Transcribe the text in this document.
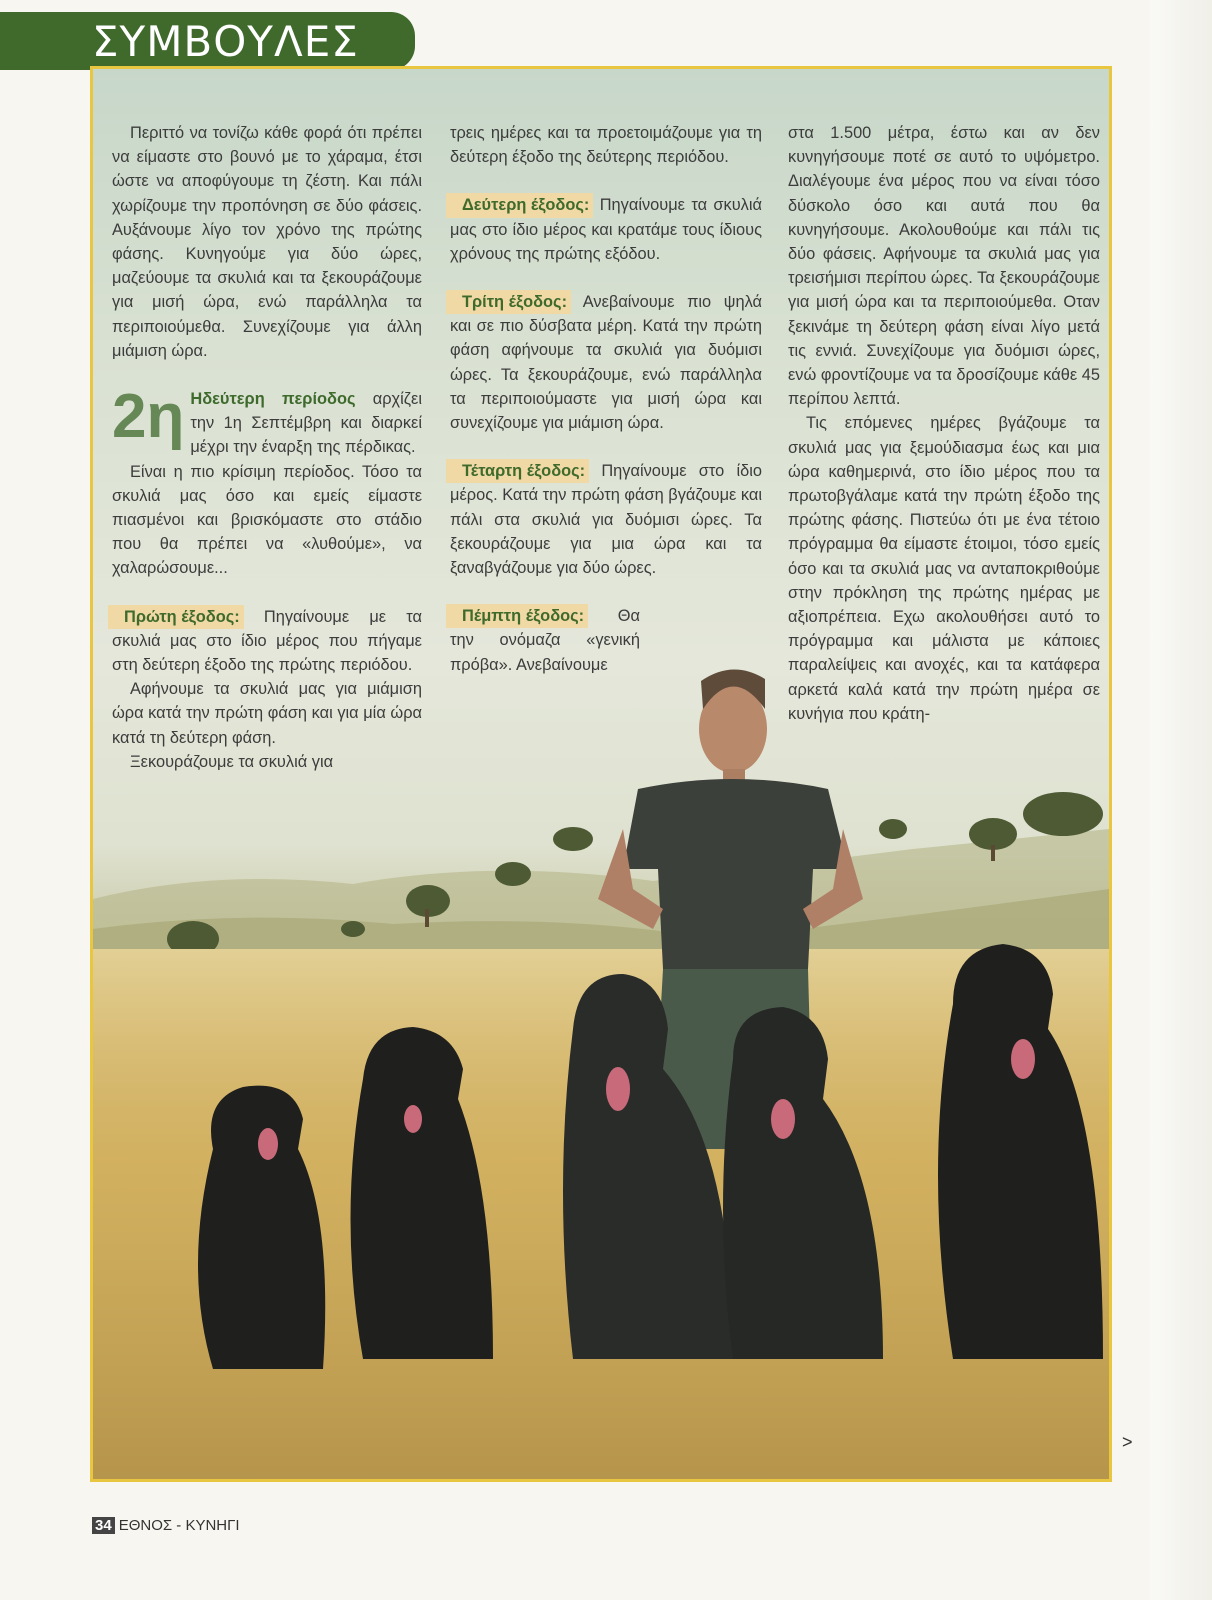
ΣΥΜΒΟΥΛΕΣ

Περιττό να τονίζω κάθε φορά ότι πρέπει να είμαστε στο βουνό με το χάραμα, έτσι ώστε να αποφύγουμε τη ζέστη. Και πάλι χωρίζουμε την προπόνηση σε δύο φάσεις. Αυξάνουμε λίγο τον χρόνο της πρώτης φάσης. Κυνηγούμε για δύο ώρες, μαζεύουμε τα σκυλιά και τα ξεκουράζουμε για μισή ώρα, ενώ παράλληλα τα περιποιούμεθα. Συνεχίζουμε για άλλη μιάμιση ώρα.

2η Ηδεύτερη περίοδος αρχίζει την 1η Σεπτέμβρη και διαρκεί μέχρι την έναρξη της πέρδικας.

Είναι η πιο κρίσιμη περίοδος. Τόσο τα σκυλιά μας όσο και εμείς είμαστε πιασμένοι και βρισκόμαστε στο στάδιο που θα πρέπει να «λυθούμε», να χαλαρώσουμε...

Πρώτη έξοδος: Πηγαίνουμε με τα σκυλιά μας στο ίδιο μέρος που πήγαμε στη δεύτερη έξοδο της πρώτης περιόδου.

Αφήνουμε τα σκυλιά μας για μιάμιση ώρα κατά την πρώτη φάση και για μία ώρα κατά τη δεύτερη φάση.

Ξεκουράζουμε τα σκυλιά για

τρεις ημέρες και τα προετοιμάζουμε για τη δεύτερη έξοδο της δεύτερης περιόδου.

Δεύτερη έξοδος: Πηγαίνουμε τα σκυλιά μας στο ίδιο μέρος και κρατάμε τους ίδιους χρόνους της πρώτης εξόδου.

Τρίτη έξοδος: Ανεβαίνουμε πιο ψηλά και σε πιο δύσβατα μέρη. Κατά την πρώτη φάση αφήνουμε τα σκυλιά για δυόμισι ώρες. Τα ξεκουράζουμε, ενώ παράλληλα τα περιποιούμαστε για μισή ώρα και συνεχίζουμε για μιάμιση ώρα.

Τέταρτη έξοδος: Πηγαίνουμε στο ίδιο μέρος. Κατά την πρώτη φάση βγάζουμε και πάλι στα σκυλιά για δυόμισι ώρες. Τα ξεκουράζουμε για μια ώρα και τα ξαναβγάζουμε για δύο ώρες.

Πέμπτη έξοδος: Θα την ονόμαζα «γενική πρόβα». Ανεβαίνουμε

στα 1.500 μέτρα, έστω και αν δεν κυνηγήσουμε ποτέ σε αυτό το υψόμετρο. Διαλέγουμε ένα μέρος που να είναι τόσο δύσκολο όσο και αυτά που θα κυνηγήσουμε. Ακολουθούμε και πάλι τις δύο φάσεις. Αφήνουμε τα σκυλιά μας για τρεισήμισι περίπου ώρες. Τα ξεκουράζουμε για μισή ώρα και τα περιποιούμεθα. Οταν ξεκινάμε τη δεύτερη φάση είναι λίγο μετά τις εννιά. Συνεχίζουμε για δυόμισι ώρες, ενώ φροντίζουμε να τα δροσίζουμε κάθε 45 περίπου λεπτά.

Τις επόμενες ημέρες βγάζουμε τα σκυλιά μας για ξεμούδιασμα έως και μια ώρα καθημερινά, στο ίδιο μέρος που τα πρωτοβγάλαμε κατά την πρώτη έξοδο της πρώτης φάσης. Πιστεύω ότι με ένα τέτοιο πρόγραμμα θα είμαστε έτοιμοι, τόσο εμείς όσο και τα σκυλιά μας να ανταποκριθούμε στην πρόκληση της πρώτης ημέρας με αξιοπρέπεια. Εχω ακολουθήσει αυτό το πρόγραμμα και μάλιστα με κάποιες παραλείψεις και ανοχές, και τα κατάφερα αρκετά καλά κατά την πρώτη ημέρα σε κυνήγια που κράτη-

>
34 ΕΘΝΟΣ - ΚΥΝΗΓΙ
